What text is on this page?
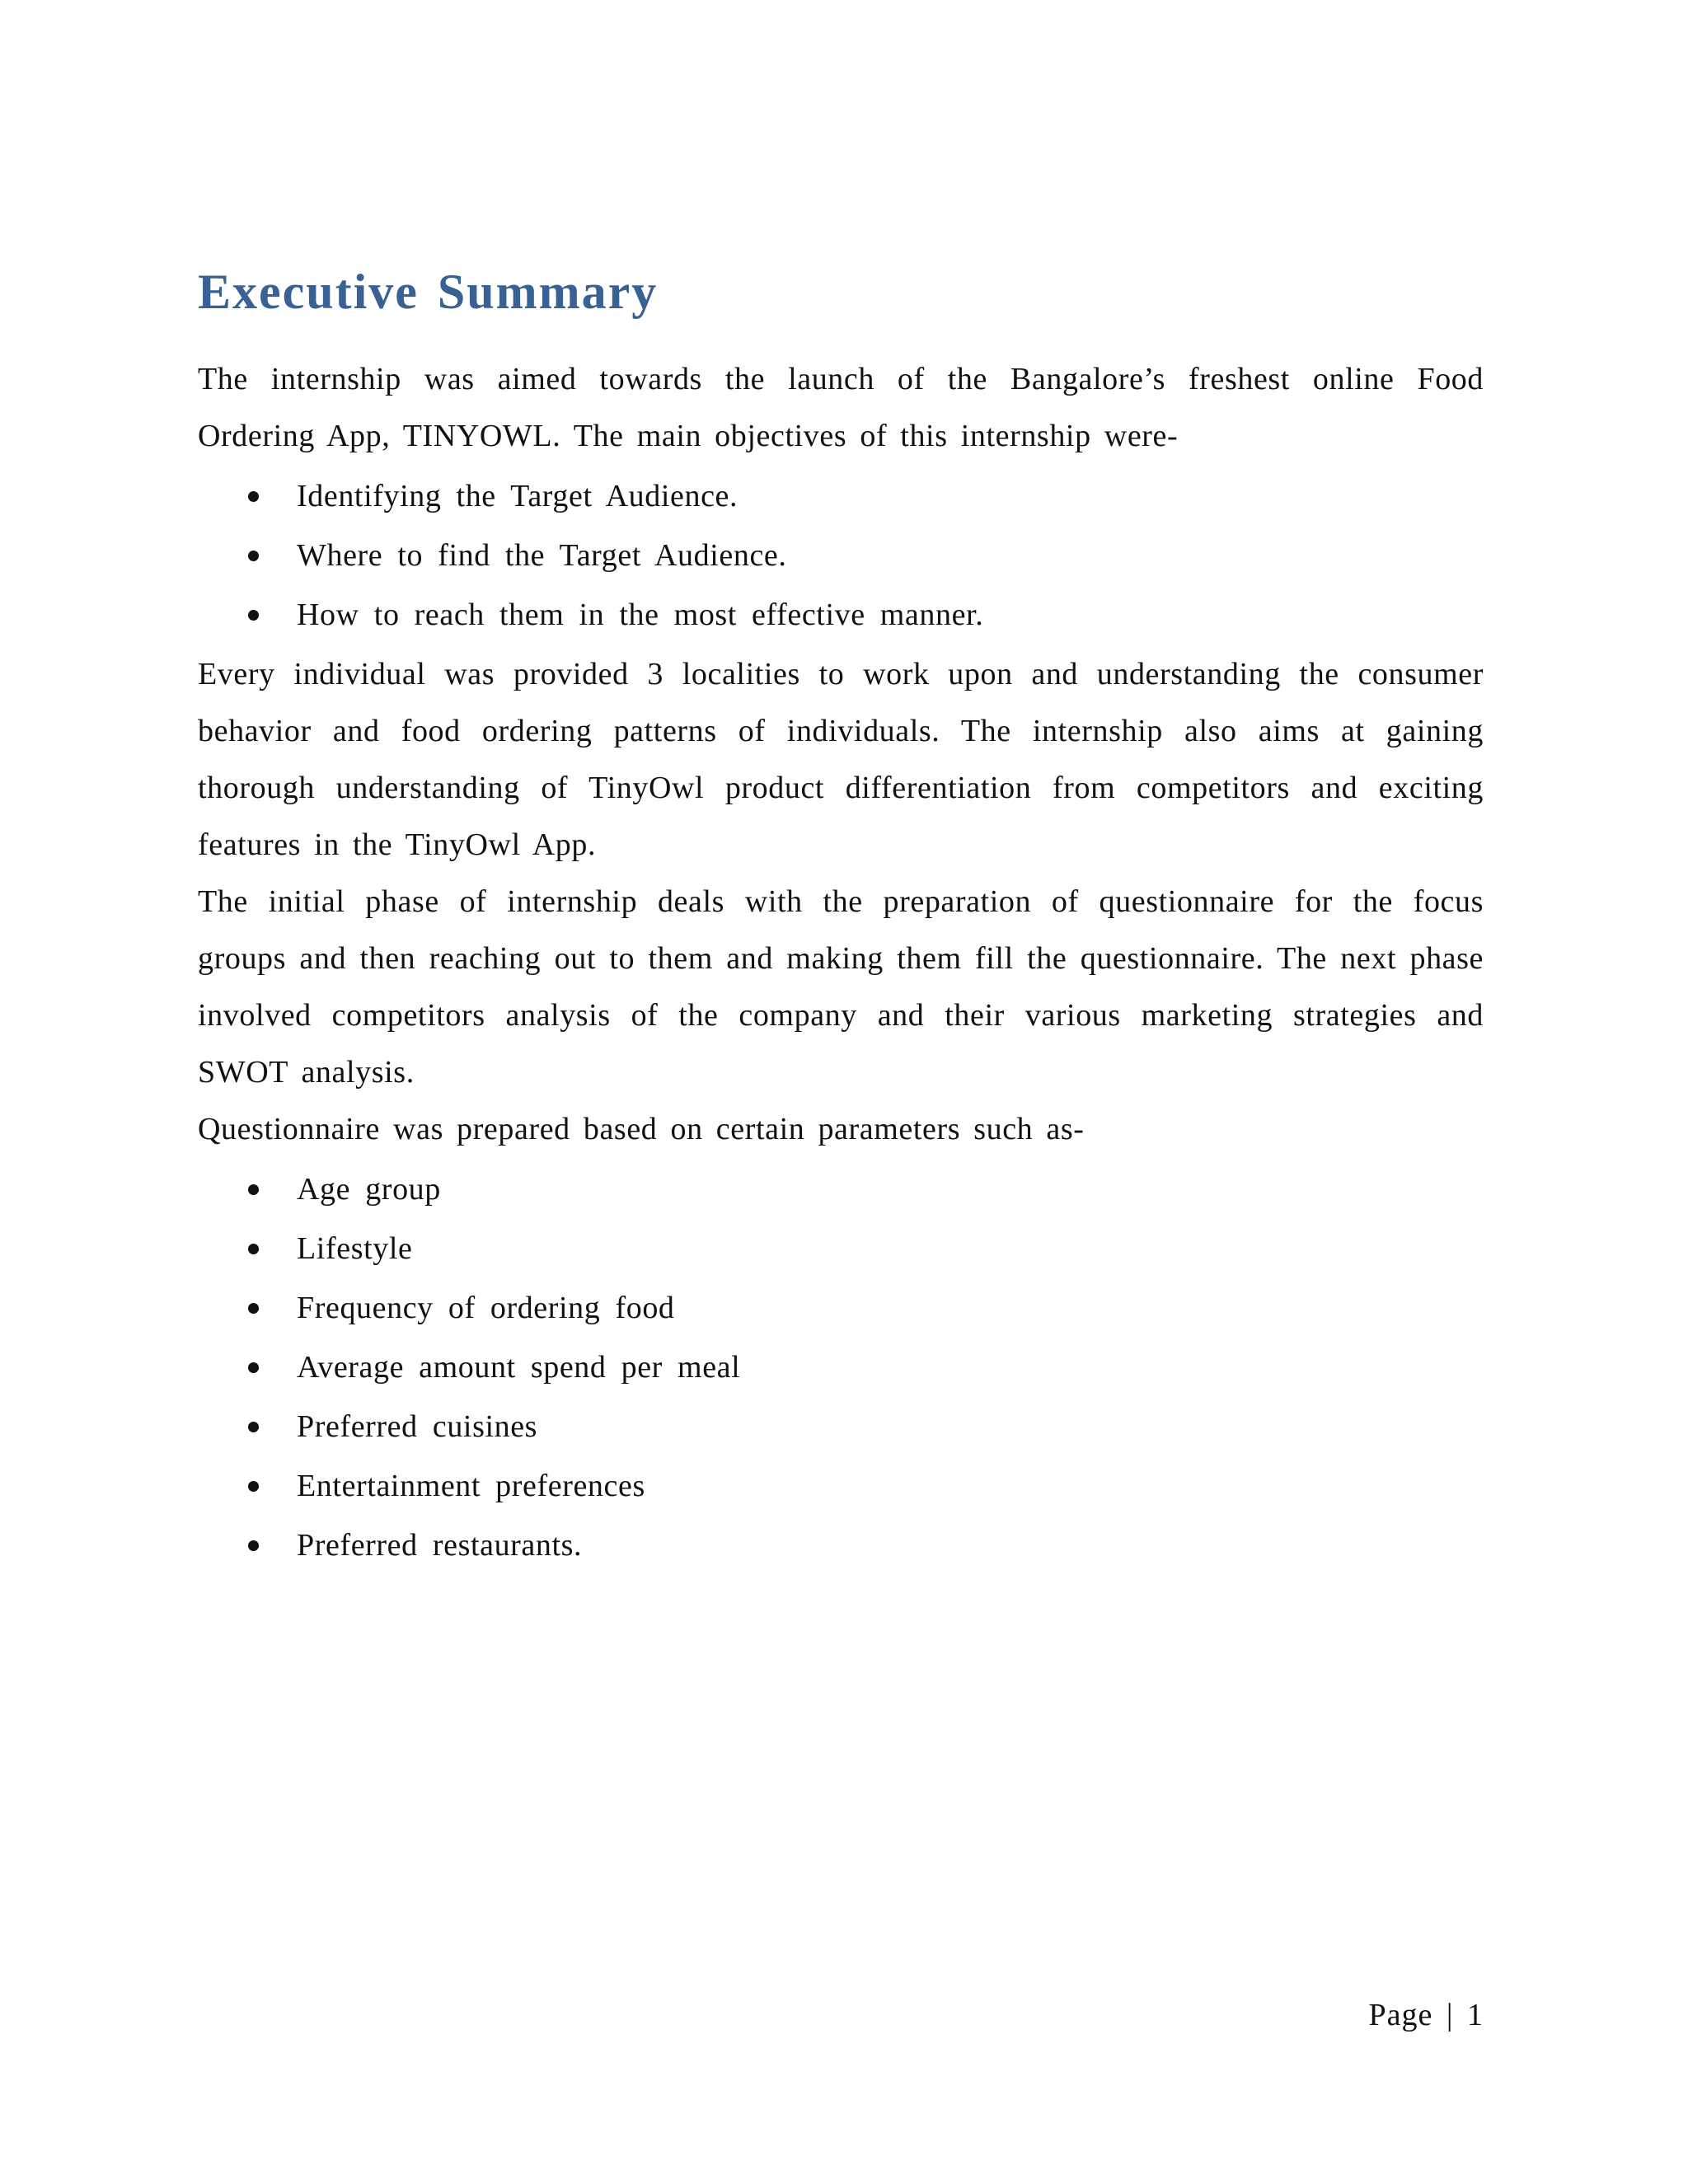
Executive Summary

The internship was aimed towards the launch of the Bangalore’s freshest online Food Ordering App, TINYOWL. The main objectives of this internship were-

Identifying the Target Audience.
Where to find the Target Audience.
How to reach them in the most effective manner.

Every individual was provided 3 localities to work upon and understanding the consumer behavior and food ordering patterns of individuals. The internship also aims at gaining thorough understanding of TinyOwl product differentiation from competitors and exciting features in the TinyOwl App.

The initial phase of internship deals with the preparation of questionnaire for the focus groups and then reaching out to them and making them fill the questionnaire. The next phase involved competitors analysis of the company and their various marketing strategies and SWOT analysis.

Questionnaire was prepared based on certain parameters such as-

Age group
Lifestyle
Frequency of ordering food
Average amount spend per meal
Preferred cuisines
Entertainment preferences
Preferred restaurants.
Page | 1
